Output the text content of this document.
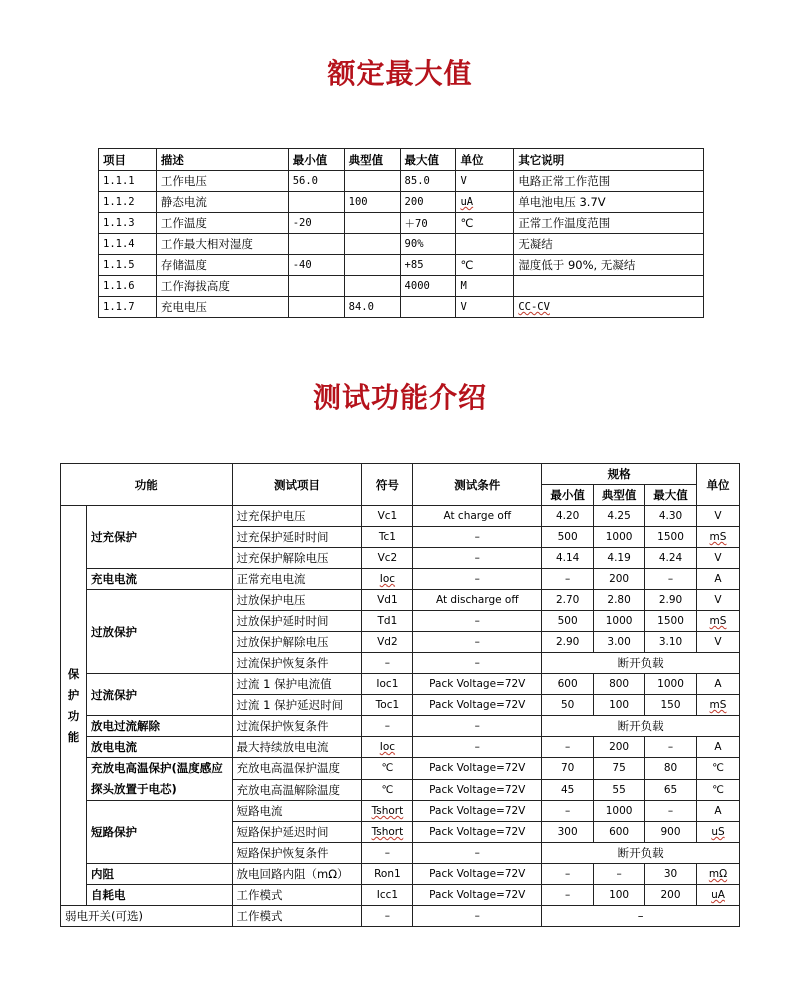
额定最大值
项目	描述	最小值	典型值	最大值	单位	其它说明
1.1.1	工作电压	56.0		85.0	V	电路正常工作范围
1.1.2	静态电流		100	200	uA	单电池电压 3.7V
1.1.3	工作温度	-20		＋70	℃	正常工作温度范围
1.1.4	工作最大相对湿度			90%		无凝结
1.1.5	存储温度	-40		+85	℃	湿度低于 90%, 无凝结
1.1.6	工作海拔高度			4000	M	
1.1.7	充电电压		84.0		V	CC-CV
测试功能介绍
功能		测试项目	符号	测试条件	规格			单位
					最小值	典型值	最大值	
保护功能	过充保护	过充保护电压	Vc1	At charge off	4.20	4.25	4.30	V
		过充保护延时时间	Tc1	–	500	1000	1500	mS
		过充保护解除电压	Vc2	–	4.14	4.19	4.24	V
	充电电流	正常充电电流	Ioc	–	–	200	–	A
	过放保护	过放保护电压	Vd1	At discharge off	2.70	2.80	2.90	V
		过放保护延时时间	Td1	–	500	1000	1500	mS
		过放保护解除电压	Vd2	–	2.90	3.00	3.10	V
		过流保护恢复条件	–	–	断开负载			
	过流保护	过流 1 保护电流值	Ioc1	Pack Voltage=72V	600	800	1000	A
		过流 1 保护延迟时间	Toc1	Pack Voltage=72V	50	100	150	mS
	放电过流解除	过流保护恢复条件	–	–	断开负载			
	放电电流	最大持续放电电流	Ioc	–	–	200	–	A
	充放电高温保护(温度感应探头放置于电芯)	充放电高温保护温度	℃	Pack Voltage=72V	70	75	80	℃
		充放电高温解除温度	℃	Pack Voltage=72V	45	55	65	℃
	短路保护	短路电流	Tshort	Pack Voltage=72V	–	1000	–	A
		短路保护延迟时间	Tshort	Pack Voltage=72V	300	600	900	uS
		短路保护恢复条件	–	–	断开负载			
	内阻	放电回路内阻（mΩ）	Ron1	Pack Voltage=72V	–	–	30	mΩ
	自耗电	工作模式	Icc1	Pack Voltage=72V	–	100	200	uA
弱电开关(可选)		工作模式	–	–	–			
